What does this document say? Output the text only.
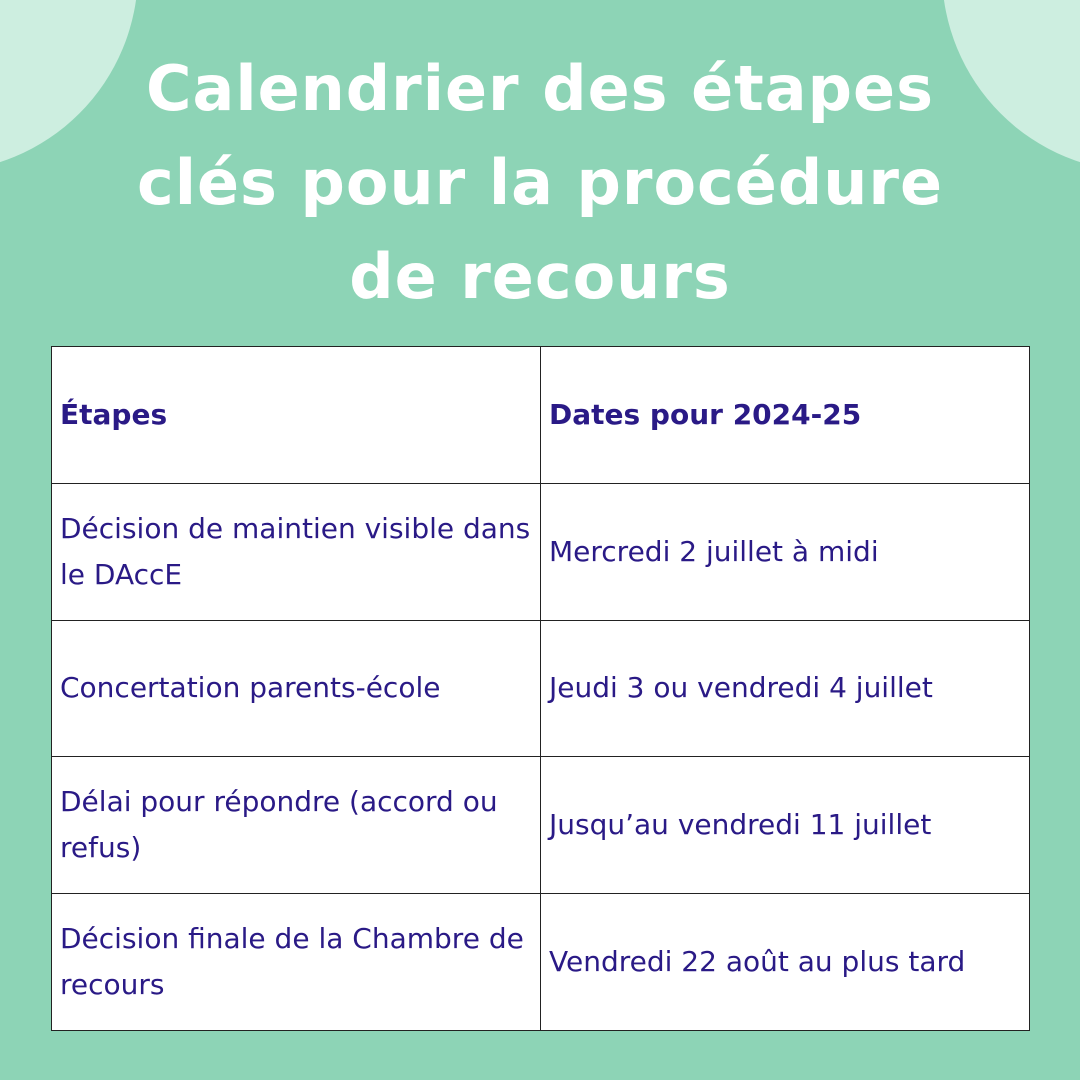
Calendrier des étapes
clés pour la procédure
de recours
Étapes	Dates pour 2024-25
Décision de maintien visible dans le DAccE	Mercredi 2 juillet à midi
Concertation parents-école	Jeudi 3 ou vendredi 4 juillet
Délai pour répondre (accord ou refus)	Jusqu’au vendredi 11 juillet
Décision finale de la Chambre de recours	Vendredi 22 août au plus tard
